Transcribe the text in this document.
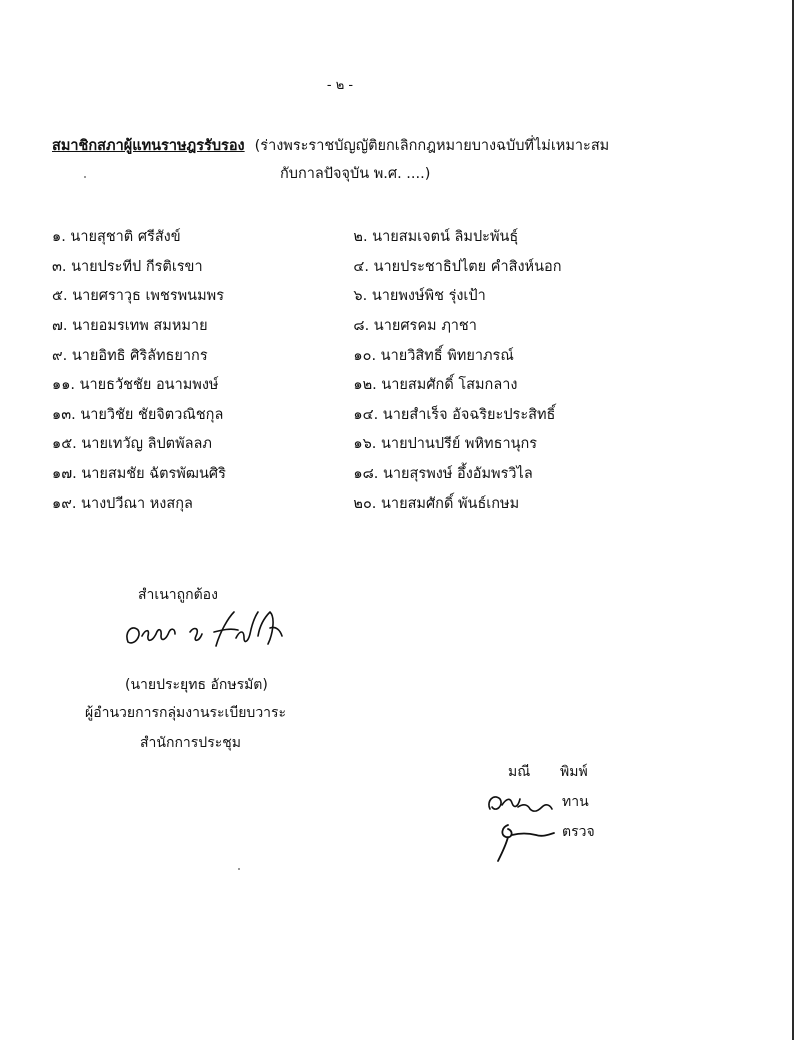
- ๒ -
สมาชิกสภาผู้แทนราษฎรรับรอง (ร่างพระราชบัญญัติยกเลิกกฎหมายบางฉบับที่ไม่เหมาะสม
กับกาลปัจจุบัน พ.ศ. ....)
๑. นายสุชาติ ศรีสังข์	๒. นายสมเจตน์ ลิมปะพันธุ์
๓. นายประทีป กีรติเรขา	๔. นายประชาธิปไตย คำสิงห์นอก
๕. นายศราวุธ เพชรพนมพร	๖. นายพงษ์พิช รุ่งเป้า
๗. นายอมรเทพ สมหมาย	๘. นายศรคม ฦาชา
๙. นายอิทธิ ศิริลัทธยากร	๑๐. นายวิสิทธิ์ พิทยาภรณ์
๑๑. นายธวัชชัย อนามพงษ์	๑๒. นายสมศักดิ์ โสมกลาง
๑๓. นายวิชัย ชัยจิตวณิชกุล	๑๔. นายสำเร็จ อัจฉริยะประสิทธิ์
๑๕. นายเทวัญ ลิปตพัลลภ	๑๖. นายปานปรีย์ พหิทธานุกร
๑๗. นายสมชัย ฉัตรพัฒนศิริ	๑๘. นายสุรพงษ์ อึ้งอัมพรวิไล
๑๙. นางปวีณา หงสกุล	๒๐. นายสมศักดิ์ พันธ์เกษม
สำเนาถูกต้อง
(นายประยุทธ อักษรมัต)
ผู้อำนวยการกลุ่มงานระเบียบวาระ
สำนักการประชุม
มณี พิมพ์
ทาน
ตรวจ
